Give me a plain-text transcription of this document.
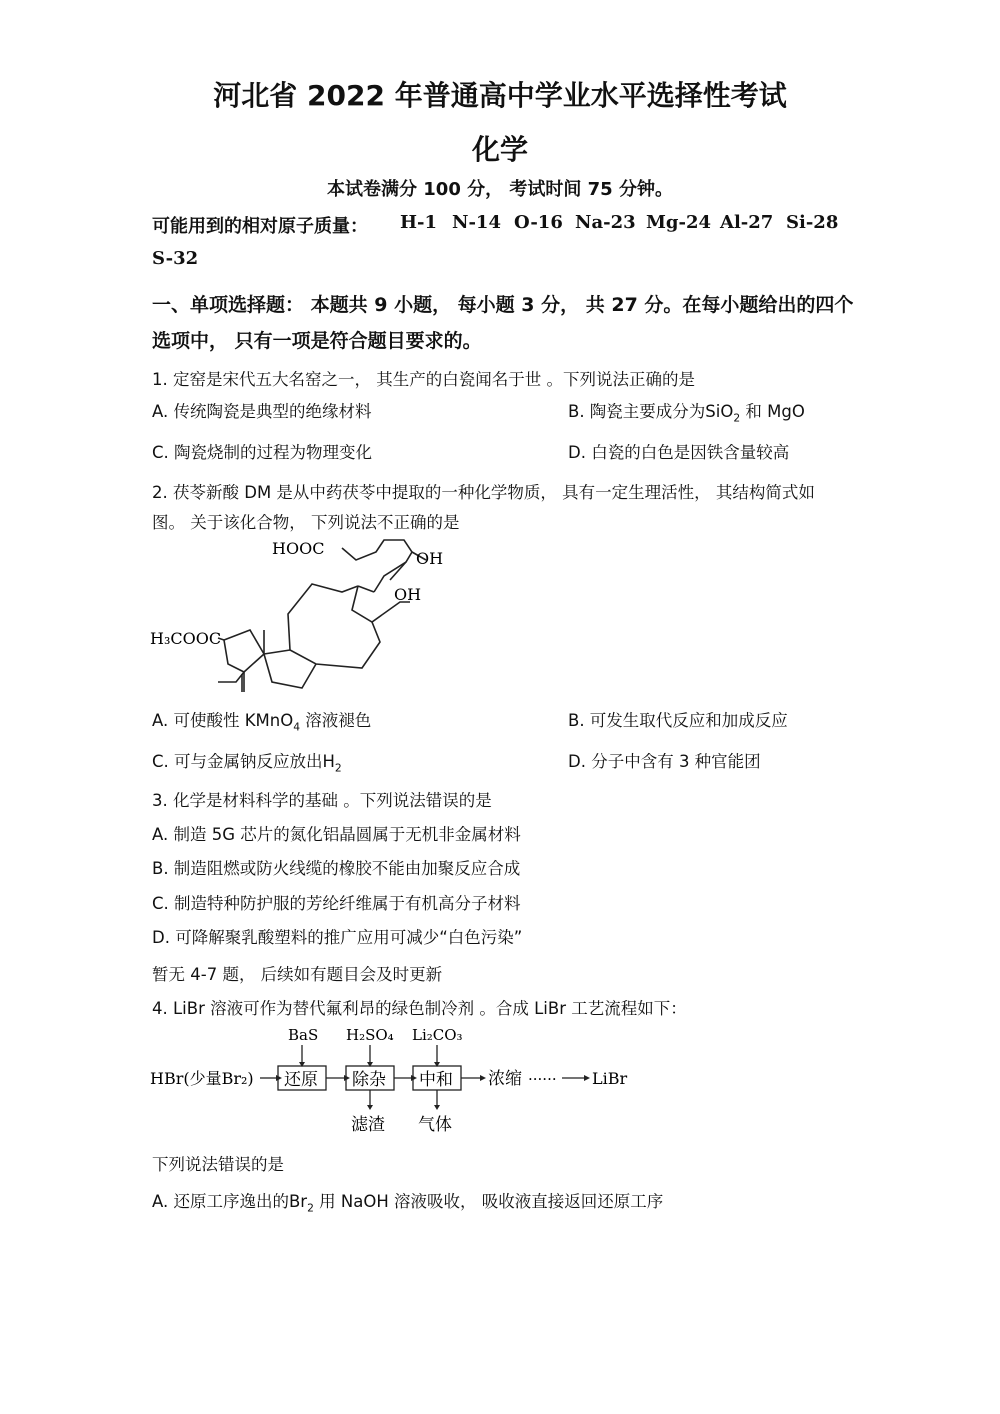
河北省 2022 年普通高中学业水平选择性考试
化学
本试卷满分 100 分， 考试时间 75 分钟。
可能用到的相对原子质量： H-1 N-14 O-16 Na-23 Mg-24 Al-27 Si-28
S-32
一、单项选择题： 本题共 9 小题， 每小题 3 分， 共 27 分。在每小题给出的四个
选项中， 只有一项是符合题目要求的。
1. 定窑是宋代五大名窑之一， 其生产的白瓷闻名于世 。下列说法正确的是
A. 传统陶瓷是典型的绝缘材料	B. 陶瓷主要成分为SiO$_2$ 和 MgO
C. 陶瓷烧制的过程为物理变化	D. 白瓷的白色是因铁含量较高
2. 茯苓新酸 DM 是从中药茯苓中提取的一种化学物质， 具有一定生理活性， 其结构简式如
图。 关于该化合物， 下列说法不正确的是
HOOC
OH
OH
H₃COOC
A. 可使酸性 KMnO$_4$ 溶液褪色	B. 可发生取代反应和加成反应
C. 可与金属钠反应放出$H_2$	D. 分子中含有 3 种官能团
3. 化学是材料科学的基础 。下列说法错误的是
A. 制造 5G 芯片的氮化铝晶圆属于无机非金属材料
B. 制造阻燃或防火线缆的橡胶不能由加聚反应合成
C. 制造特种防护服的芳纶纤维属于有机高分子材料
D. 可降解聚乳酸塑料的推广应用可减少“白色污染”
暂无 4-7 题， 后续如有题目会及时更新
4. LiBr 溶液可作为替代氟利昂的绿色制冷剂 。合成 LiBr 工艺流程如下：
HBr(少量Br₂)
BaS H₂SO₄ Li₂CO₃
还原 除杂 中和 浓缩 ······ LiBr
滤渣 气体
下列说法错误的是
A. 还原工序逸出的$Br_2$ 用 NaOH 溶液吸收， 吸收液直接返回还原工序
